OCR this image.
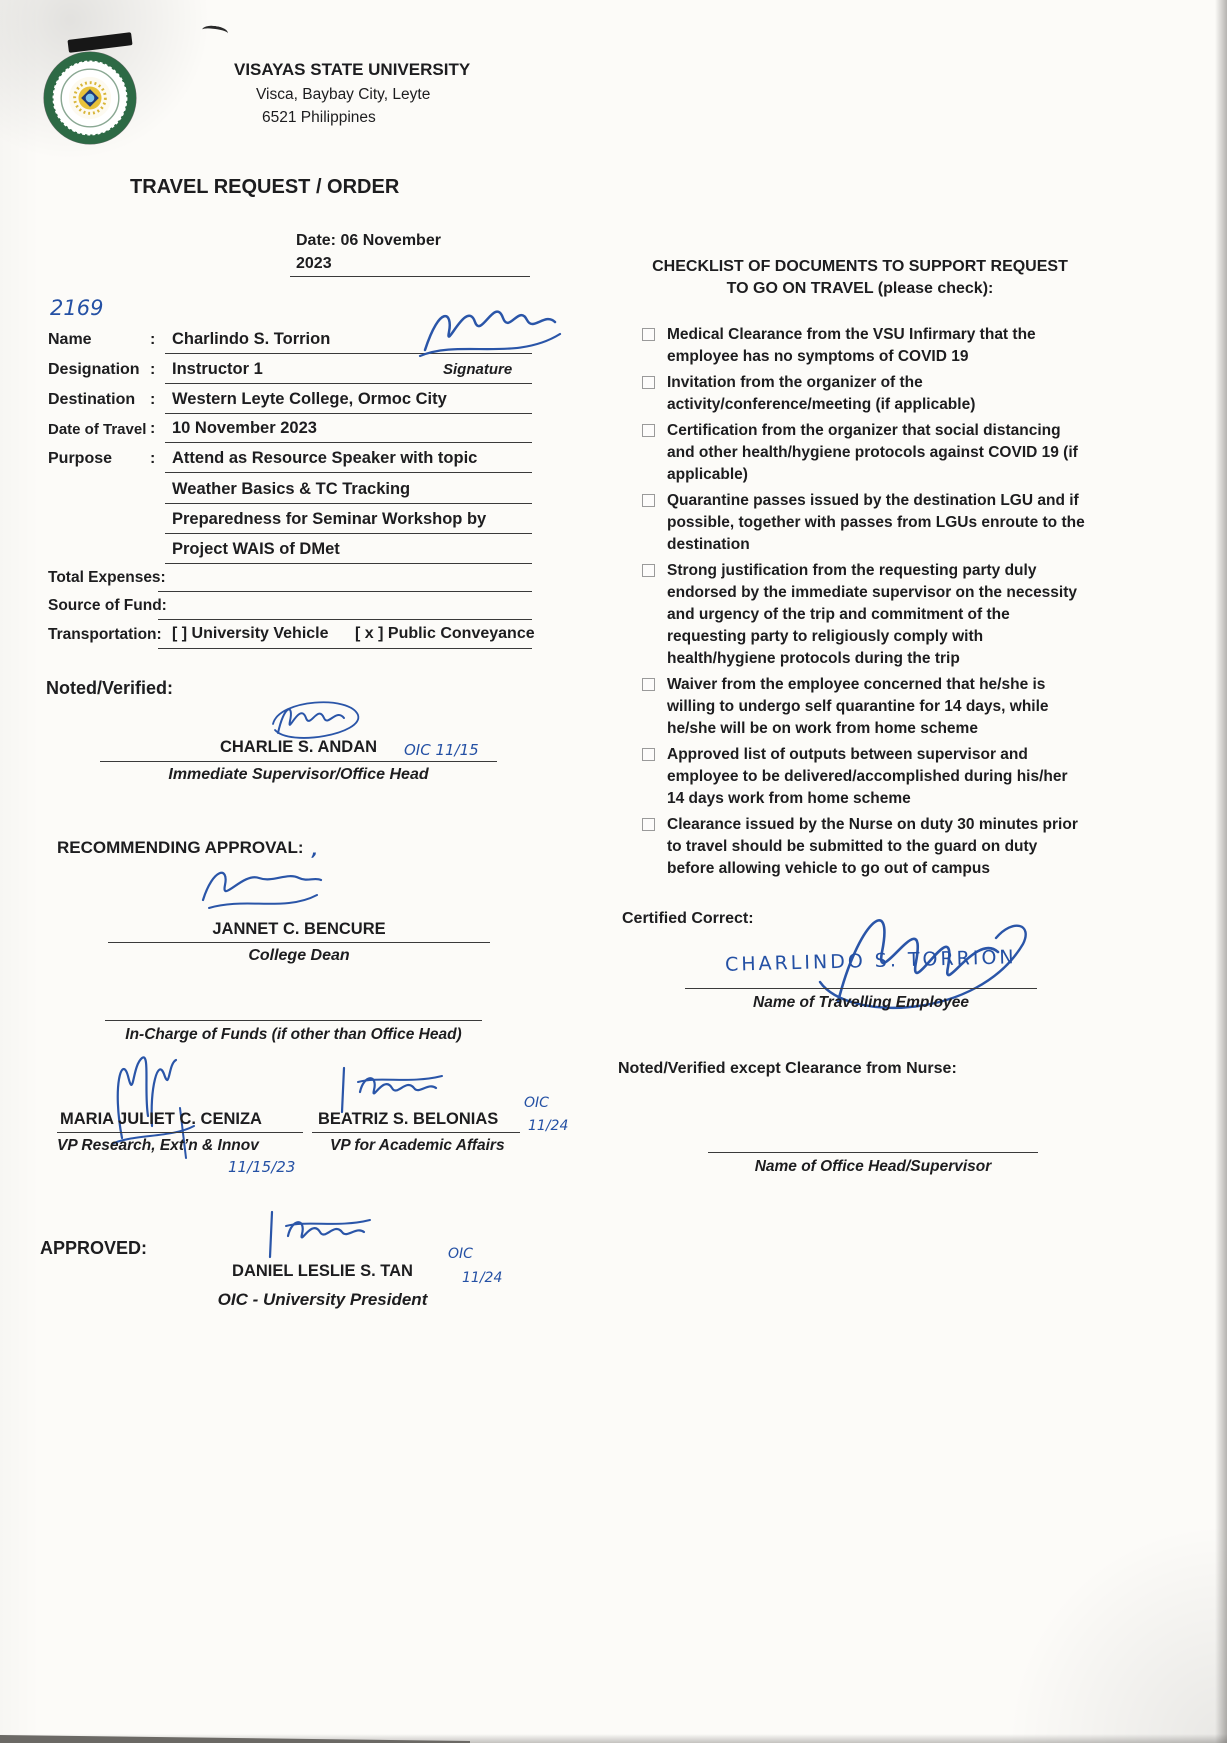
VISAYAS STATE UNIVERSITY
Visca, Baybay City, Leyte
6521 Philippines
TRAVEL REQUEST / ORDER
Date: 06 November
2023
2169
Name	: Charlindo S. Torrion
Designation : Instructor 1	Signature
Destination : Western Leyte College, Ormoc City
Date of Travel : 10 November 2023
Purpose : Attend as Resource Speaker with topic
Weather Basics & TC Tracking
Preparedness for Seminar Workshop by
Project WAIS of DMet
Total Expenses:
Source of Fund:
Transportation: [ ] University Vehicle [ x ] Public Conveyance
Noted/Verified:
CHARLIE S. ANDAN	OIC 11/15
Immediate Supervisor/Office Head
RECOMMENDING APPROVAL:
’
JANNET C. BENCURE
College Dean
In-Charge of Funds (if other than Office Head)
MARIA JULIET C. CENIZA
VP Research, Ext’n & Innov
11/15/23
BEATRIZ S. BELONIAS
VP for Academic Affairs
OIC
11/24
APPROVED:
DANIEL LESLIE S. TAN
OIC
11/24
OIC - University President
CHECKLIST OF DOCUMENTS TO SUPPORT REQUEST
TO GO ON TRAVEL (please check):
Medical Clearance from the VSU Infirmary that the employee has no symptoms of COVID 19
Invitation from the organizer of the activity/conference/meeting (if applicable)
Certification from the organizer that social distancing and other health/hygiene protocols against COVID 19 (if applicable)
Quarantine passes issued by the destination LGU and if possible, together with passes from LGUs enroute to the destination
Strong justification from the requesting party duly endorsed by the immediate supervisor on the necessity and urgency of the trip and commitment of the requesting party to religiously comply with health/hygiene protocols during the trip
Waiver from the employee concerned that he/she is willing to undergo self quarantine for 14 days, while he/she will be on work from home scheme
Approved list of outputs between supervisor and employee to be delivered/accomplished during his/her 14 days work from home scheme
Clearance issued by the Nurse on duty 30 minutes prior to travel should be submitted to the guard on duty before allowing vehicle to go out of campus
Certified Correct:
CHARLINDO S. TORRION
Name of Travelling Employee
Noted/Verified except Clearance from Nurse:
Name of Office Head/Supervisor
